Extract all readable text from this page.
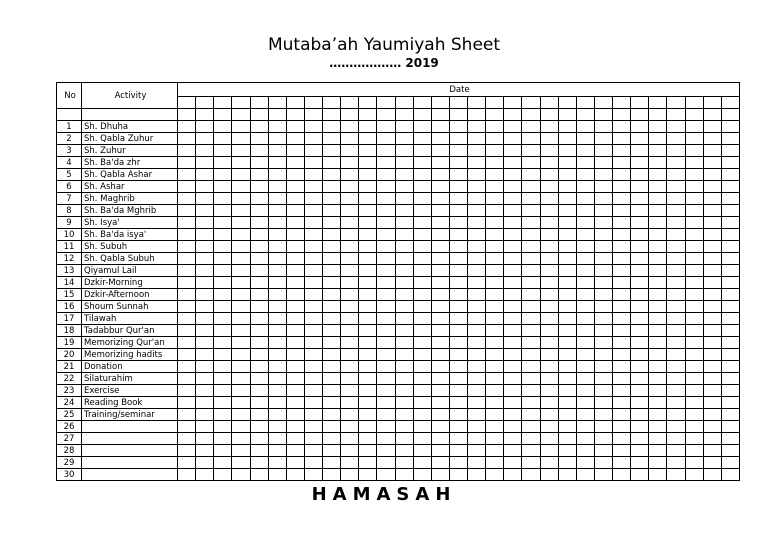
Mutaba’ah Yaumiyah Sheet
……………… 2019
No	Activity	Date																														

1	Sh. Dhuha																															
2	Sh. Qabla Zuhur																															
3	Sh. Zuhur																															
4	Sh. Ba'da zhr																															
5	Sh. Qabla Ashar																															
6	Sh. Ashar																															
7	Sh. Maghrib																															
8	Sh. Ba'da Mghrib																															
9	Sh. Isya'																															
10	Sh. Ba'da isya'																															
11	Sh. Subuh																															
12	Sh. Qabla Subuh																															
13	Qiyamul Lail																															
14	Dzkir-Morning																															
15	Dzkir-Afternoon																															
16	Shoum Sunnah																															
17	Tilawah																															
18	Tadabbur Qur'an																															
19	Memorizing Qur'an																															
20	Memorizing hadits																															
21	Donation																															
22	Silaturahim																															
23	Exercise																															
24	Reading Book																															
25	Training/seminar																															
26																																
27																																
28																																
29																																
30																																
HAMASAH
